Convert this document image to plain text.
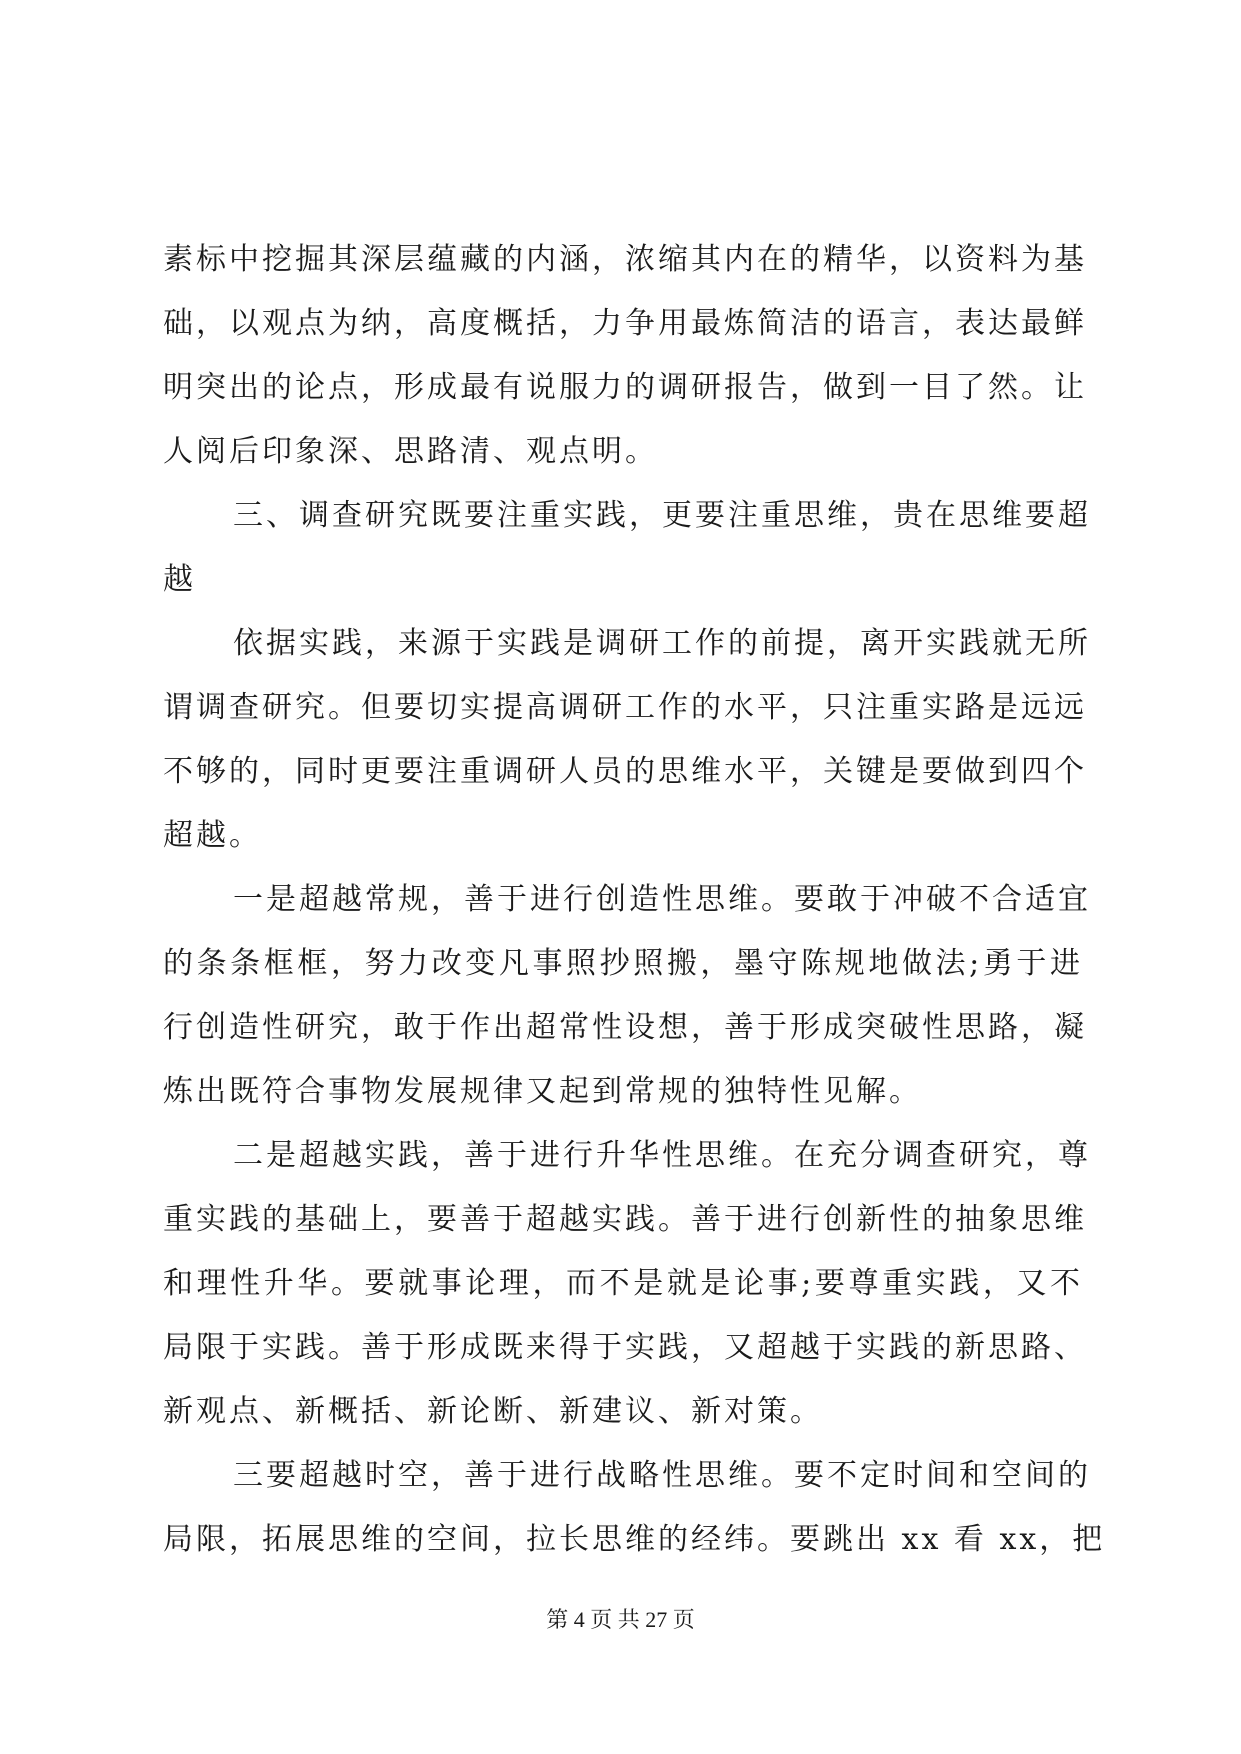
素标中挖掘其深层蕴藏的内涵，浓缩其内在的精华，以资料为基
础，以观点为纳，高度概括，力争用最炼简洁的语言，表达最鲜
明突出的论点，形成最有说服力的调研报告，做到一目了然。让
人阅后印象深、思路清、观点明。
三、调查研究既要注重实践，更要注重思维，贵在思维要超
越
依据实践，来源于实践是调研工作的前提，离开实践就无所
谓调查研究。但要切实提高调研工作的水平，只注重实路是远远
不够的，同时更要注重调研人员的思维水平，关键是要做到四个
超越。
一是超越常规，善于进行创造性思维。要敢于冲破不合适宜
的条条框框，努力改变凡事照抄照搬，墨守陈规地做法;勇于进
行创造性研究，敢于作出超常性设想，善于形成突破性思路，凝
炼出既符合事物发展规律又起到常规的独特性见解。
二是超越实践，善于进行升华性思维。在充分调查研究，尊
重实践的基础上，要善于超越实践。善于进行创新性的抽象思维
和理性升华。要就事论理，而不是就是论事;要尊重实践，又不
局限于实践。善于形成既来得于实践，又超越于实践的新思路、
新观点、新概括、新论断、新建议、新对策。
三要超越时空，善于进行战略性思维。要不定时间和空间的
局限，拓展思维的空间，拉长思维的经纬。要跳出 xx 看 xx，把
第 4 页 共 27 页
